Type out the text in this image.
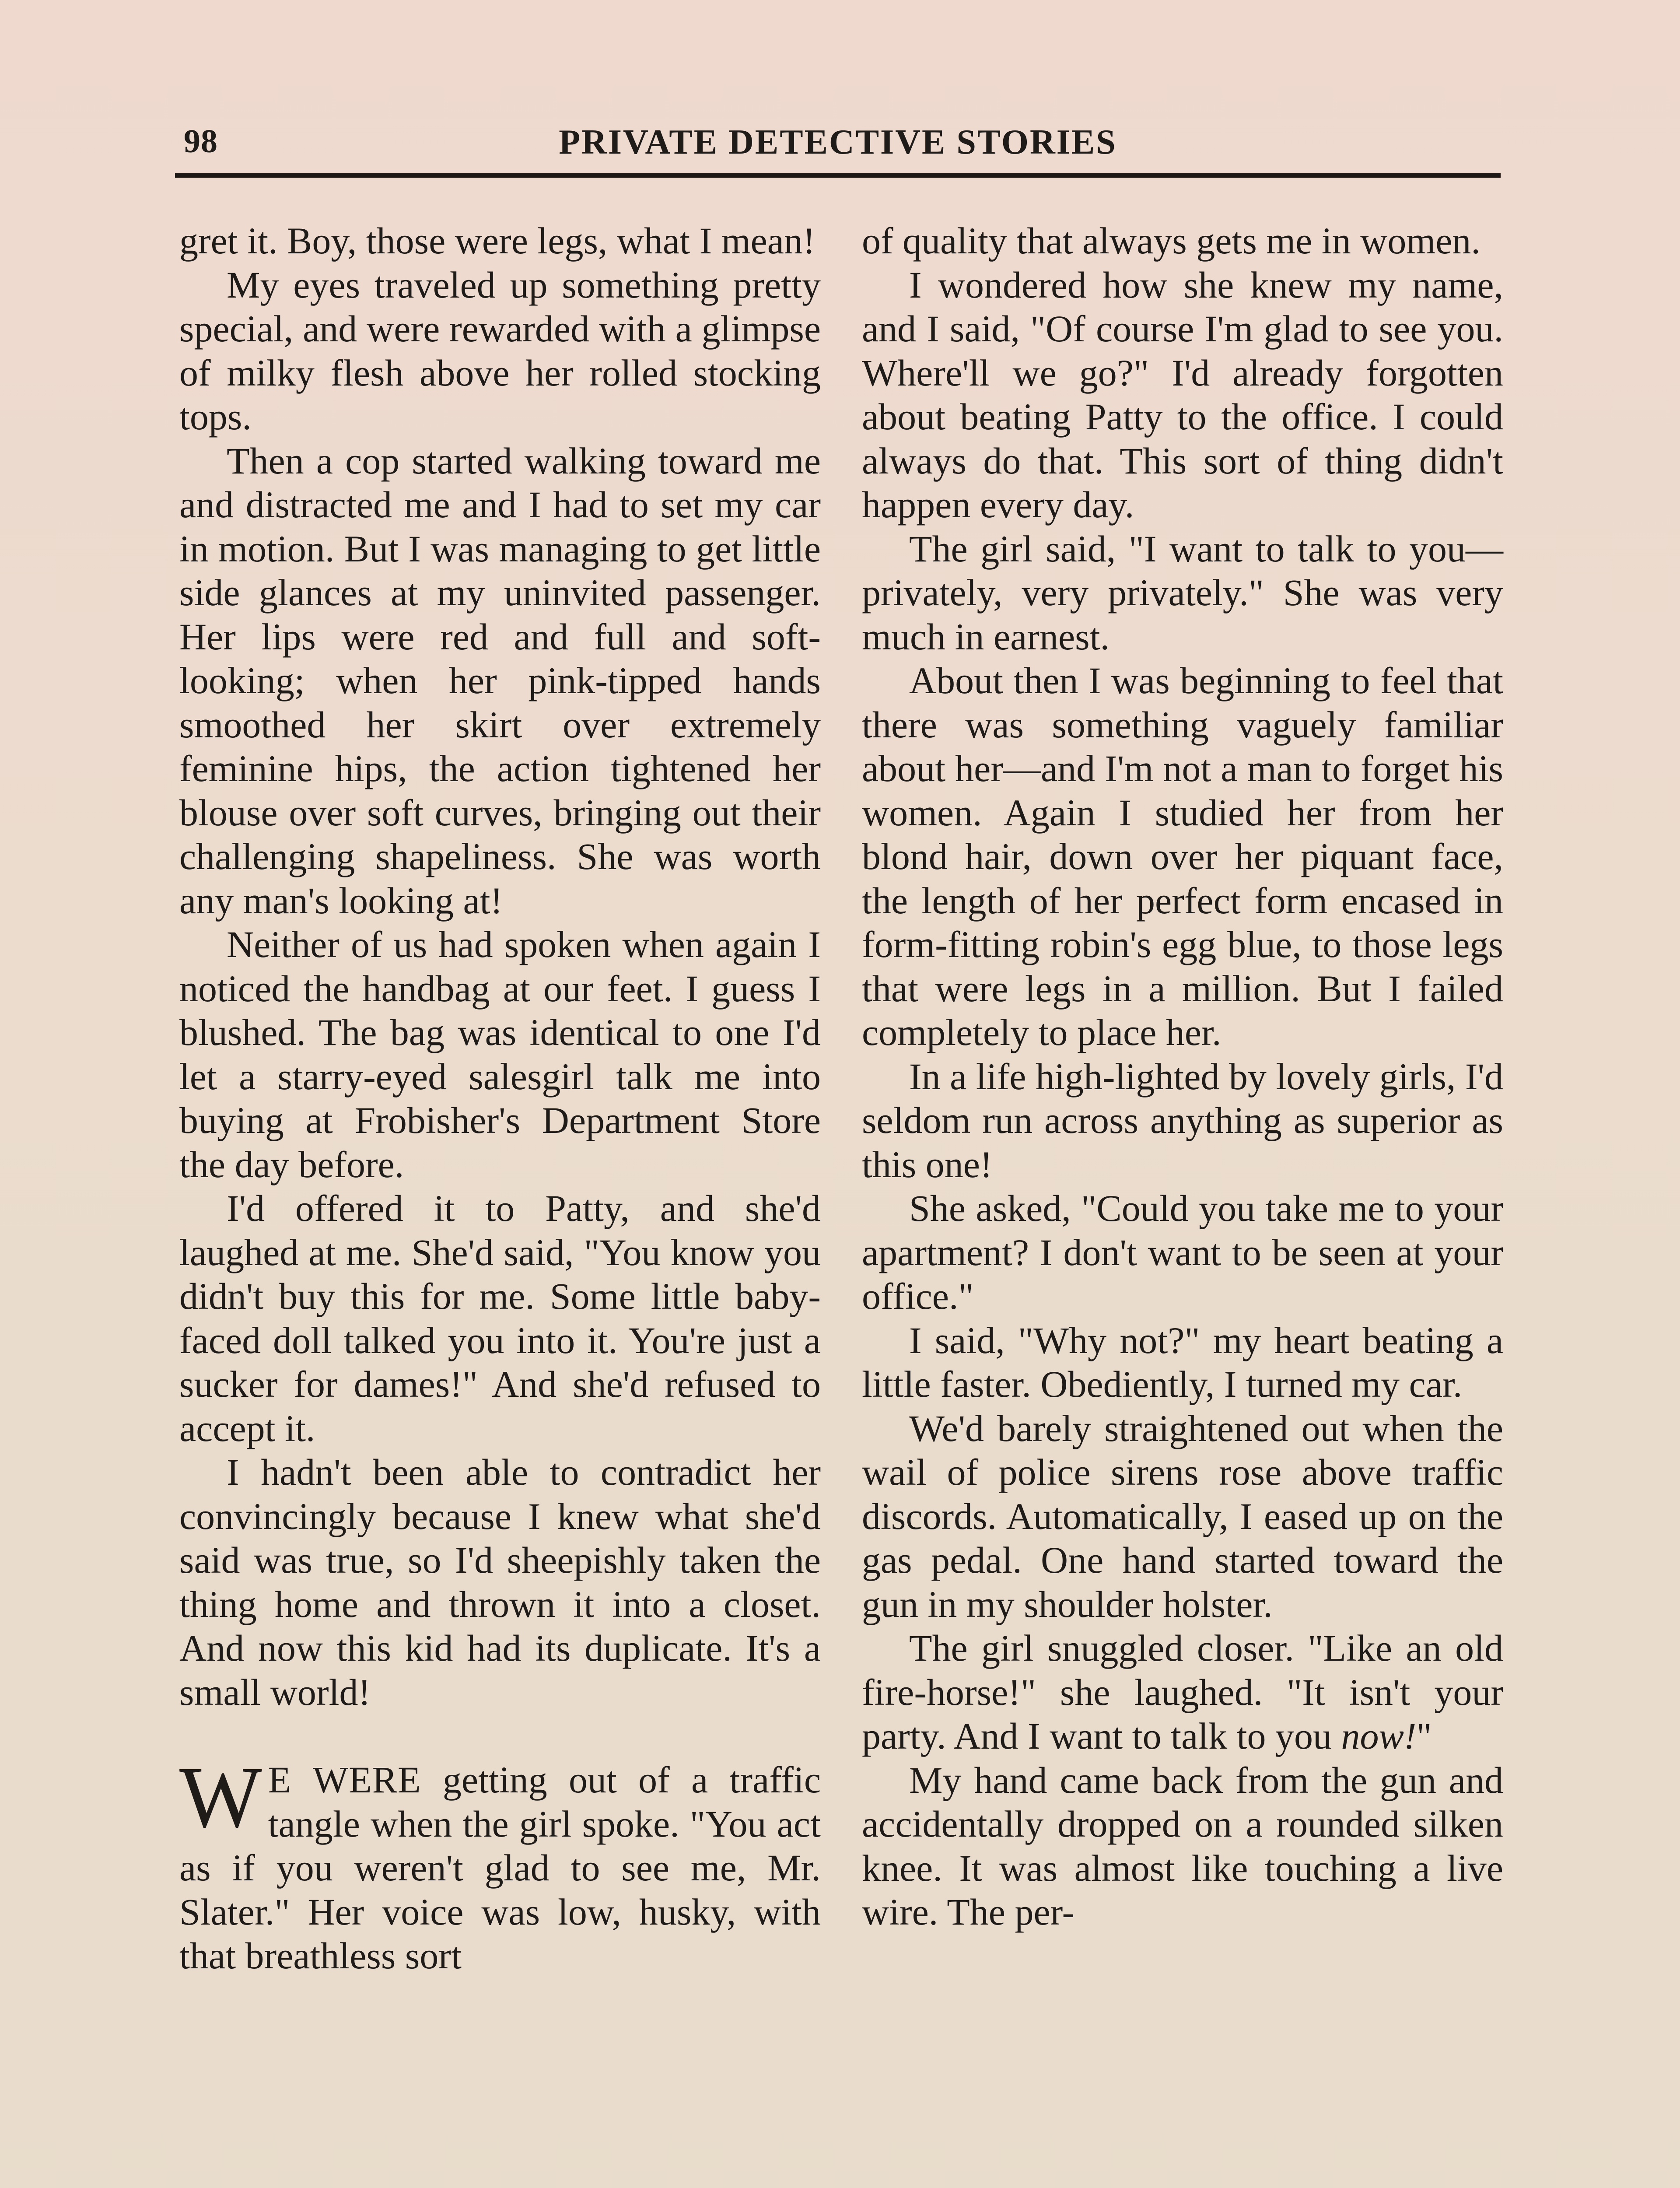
98	PRIVATE DETECTIVE STORIES

gret it. Boy, those were legs, what I mean!

My eyes traveled up something pretty special, and were rewarded with a glimpse of milky flesh above her rolled stocking tops.

Then a cop started walking toward me and distracted me and I had to set my car in motion. But I was managing to get little side glances at my uninvited passenger. Her lips were red and full and soft-looking; when her pink-tipped hands smoothed her skirt over extremely feminine hips, the action tightened her blouse over soft curves, bringing out their challenging shapeliness. She was worth any man's looking at!

Neither of us had spoken when again I noticed the handbag at our feet. I guess I blushed. The bag was identical to one I'd let a starry-eyed salesgirl talk me into buying at Frobisher's Department Store the day before.

I'd offered it to Patty, and she'd laughed at me. She'd said, "You know you didn't buy this for me. Some little baby-faced doll talked you into it. You're just a sucker for dames!" And she'd refused to accept it.

I hadn't been able to contradict her convincingly because I knew what she'd said was true, so I'd sheepishly taken the thing home and thrown it into a closet. And now this kid had its duplicate. It's a small world!

W E WERE getting out of a traffic tangle when the girl spoke. "You act as if you weren't glad to see me, Mr. Slater." Her voice was low, husky, with that breathless sort

of quality that always gets me in women.

I wondered how she knew my name, and I said, "Of course I'm glad to see you. Where'll we go?" I'd already forgotten about beating Patty to the office. I could always do that. This sort of thing didn't happen every day.

The girl said, "I want to talk to you—privately, very privately." She was very much in earnest.

About then I was beginning to feel that there was something vaguely familiar about her—and I'm not a man to forget his women. Again I studied her from her blond hair, down over her piquant face, the length of her perfect form encased in form-fitting robin's egg blue, to those legs that were legs in a million. But I failed completely to place her.

In a life high-lighted by lovely girls, I'd seldom run across anything as superior as this one!

She asked, "Could you take me to your apartment? I don't want to be seen at your office."

I said, "Why not?" my heart beating a little faster. Obediently, I turned my car.

We'd barely straightened out when the wail of police sirens rose above traffic discords. Automatically, I eased up on the gas pedal. One hand started toward the gun in my shoulder holster.

The girl snuggled closer. "Like an old fire-horse!" she laughed. "It isn't your party. And I want to talk to you now!"

My hand came back from the gun and accidentally dropped on a rounded silken knee. It was almost like touching a live wire. The per-
